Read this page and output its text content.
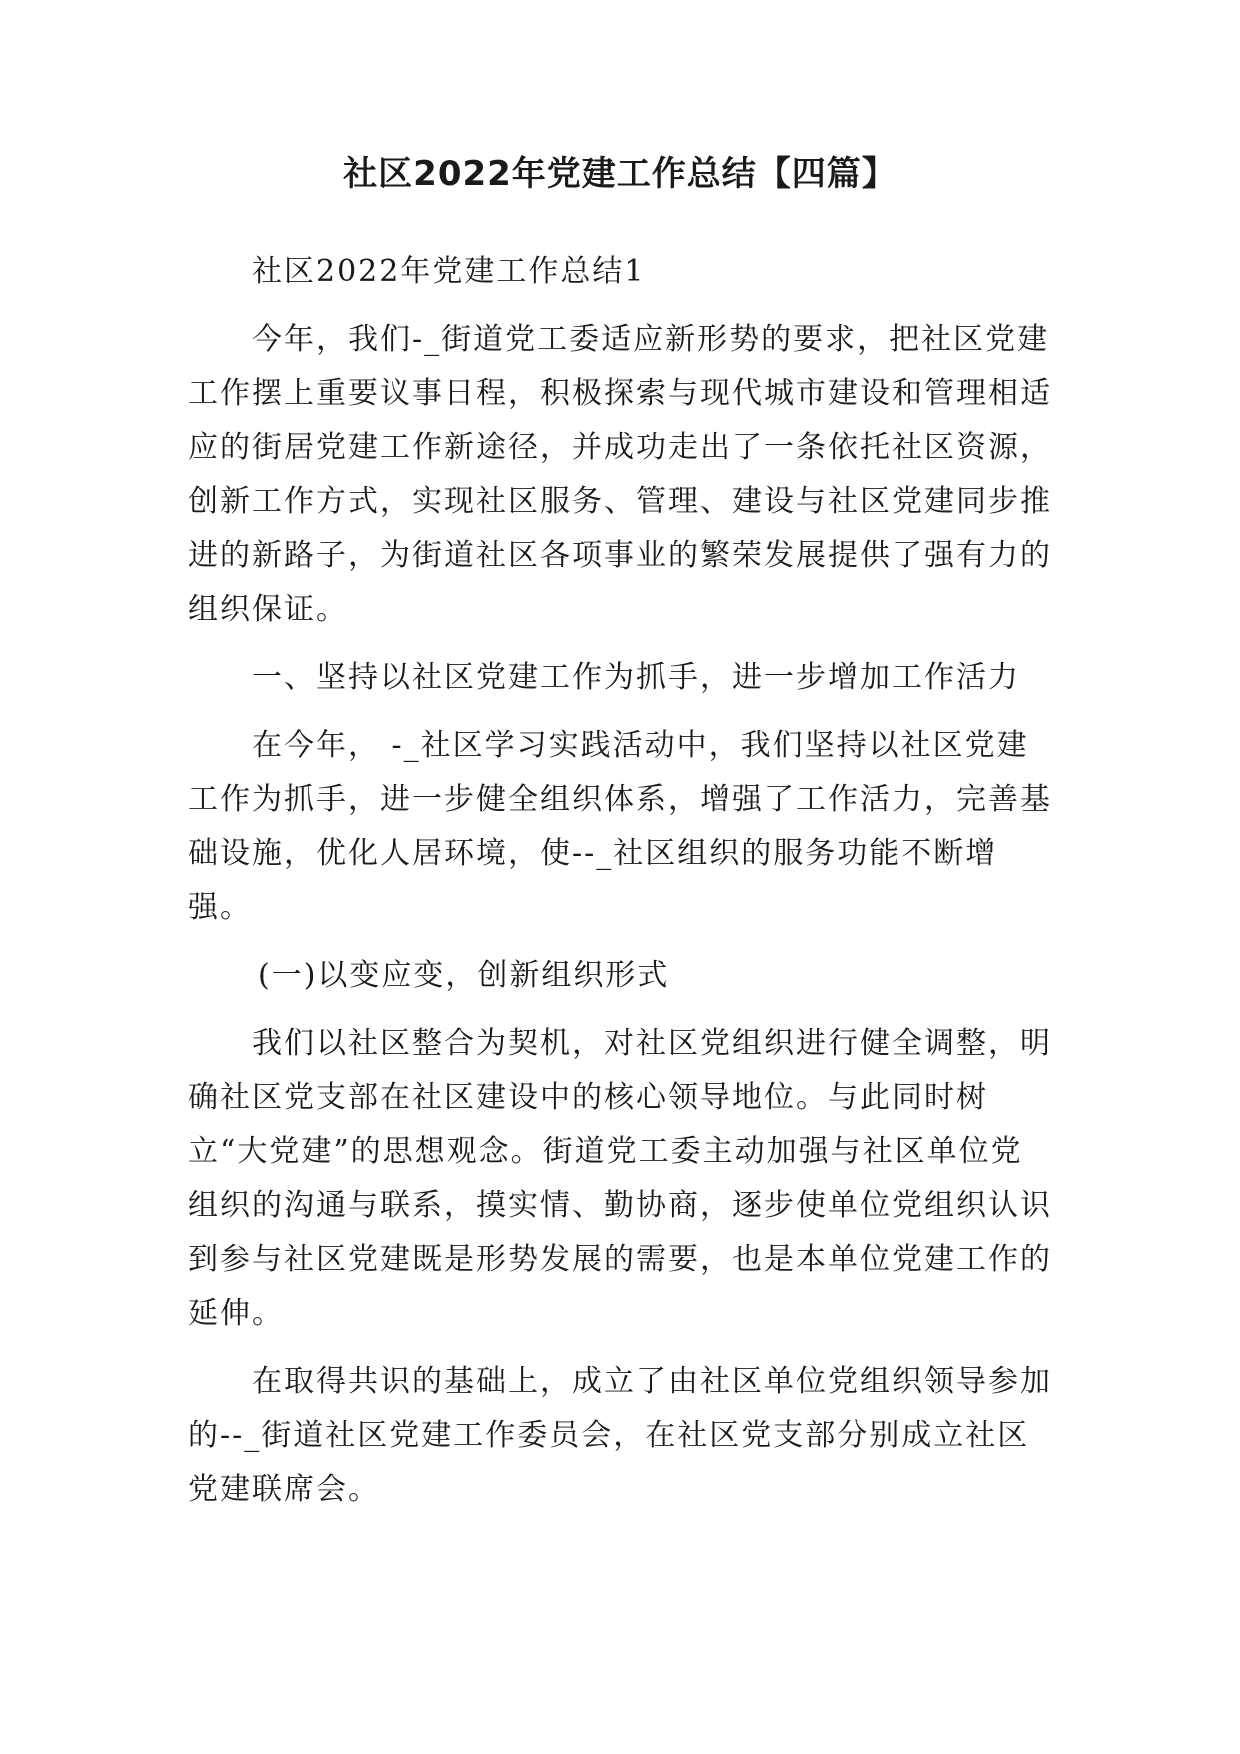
社区2022年党建工作总结【四篇】

社区2022年党建工作总结1

今年，我们-_街道党工委适应新形势的要求，把社区党建工作摆上重要议事日程，积极探索与现代城市建设和管理相适应的街居党建工作新途径，并成功走出了一条依托社区资源，创新工作方式，实现社区服务、管理、建设与社区党建同步推进的新路子，为街道社区各项事业的繁荣发展提供了强有力的组织保证。

一、坚持以社区党建工作为抓手，进一步增加工作活力

在今年， -_社区学习实践活动中，我们坚持以社区党建工作为抓手，进一步健全组织体系，增强了工作活力，完善基础设施，优化人居环境，使--_社区组织的服务功能不断增强。

(一)以变应变，创新组织形式

我们以社区整合为契机，对社区党组织进行健全调整，明确社区党支部在社区建设中的核心领导地位。与此同时树立“大党建”的思想观念。街道党工委主动加强与社区单位党组织的沟通与联系，摸实情、勤协商，逐步使单位党组织认识到参与社区党建既是形势发展的需要，也是本单位党建工作的延伸。

在取得共识的基础上，成立了由社区单位党组织领导参加的--_街道社区党建工作委员会，在社区党支部分别成立社区党建联席会。
